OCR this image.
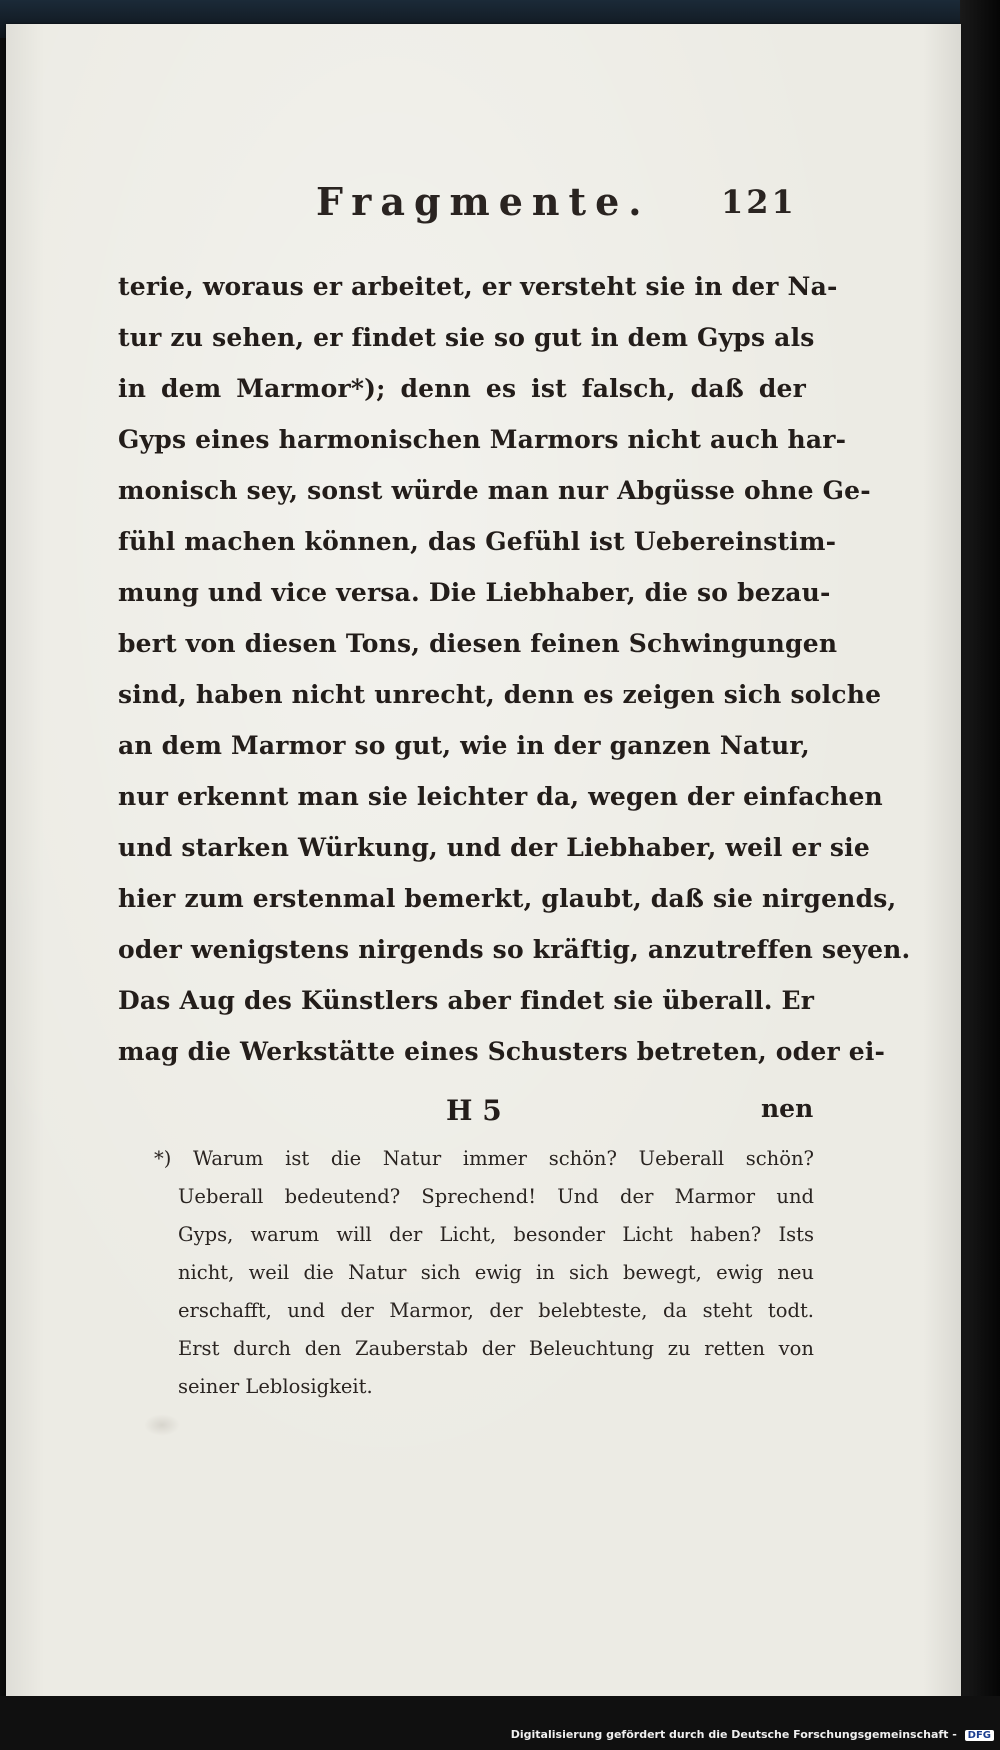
Fragmente. 121
terie, woraus er arbeitet, er versteht sie in der Na-
tur zu sehen, er findet sie so gut in dem Gyps als
in dem Marmor*); denn es ist falsch, daß der
Gyps eines harmonischen Marmors nicht auch har-
monisch sey, sonst würde man nur Abgüsse ohne Ge-
fühl machen können, das Gefühl ist Uebereinstim-
mung und vice versa. Die Liebhaber, die so bezau-
bert von diesen Tons, diesen feinen Schwingungen
sind, haben nicht unrecht, denn es zeigen sich solche
an dem Marmor so gut, wie in der ganzen Natur,
nur erkennt man sie leichter da, wegen der einfachen
und starken Würkung, und der Liebhaber, weil er sie
hier zum erstenmal bemerkt, glaubt, daß sie nirgends,
oder wenigstens nirgends so kräftig, anzutreffen seyen.
Das Aug des Künstlers aber findet sie überall. Er
mag die Werkstätte eines Schusters betreten, oder ei-
H 5	nen
*) Warum ist die Natur immer schön? Ueberall schön?
Ueberall bedeutend? Sprechend! Und der Marmor und
Gyps, warum will der Licht, besonder Licht haben? Ists
nicht, weil die Natur sich ewig in sich bewegt, ewig neu
erschafft, und der Marmor, der belebteste, da steht todt.
Erst durch den Zauberstab der Beleuchtung zu retten von
seiner Leblosigkeit.
Digitalisierung gefördert durch die Deutsche Forschungsgemeinschaft - DFG
